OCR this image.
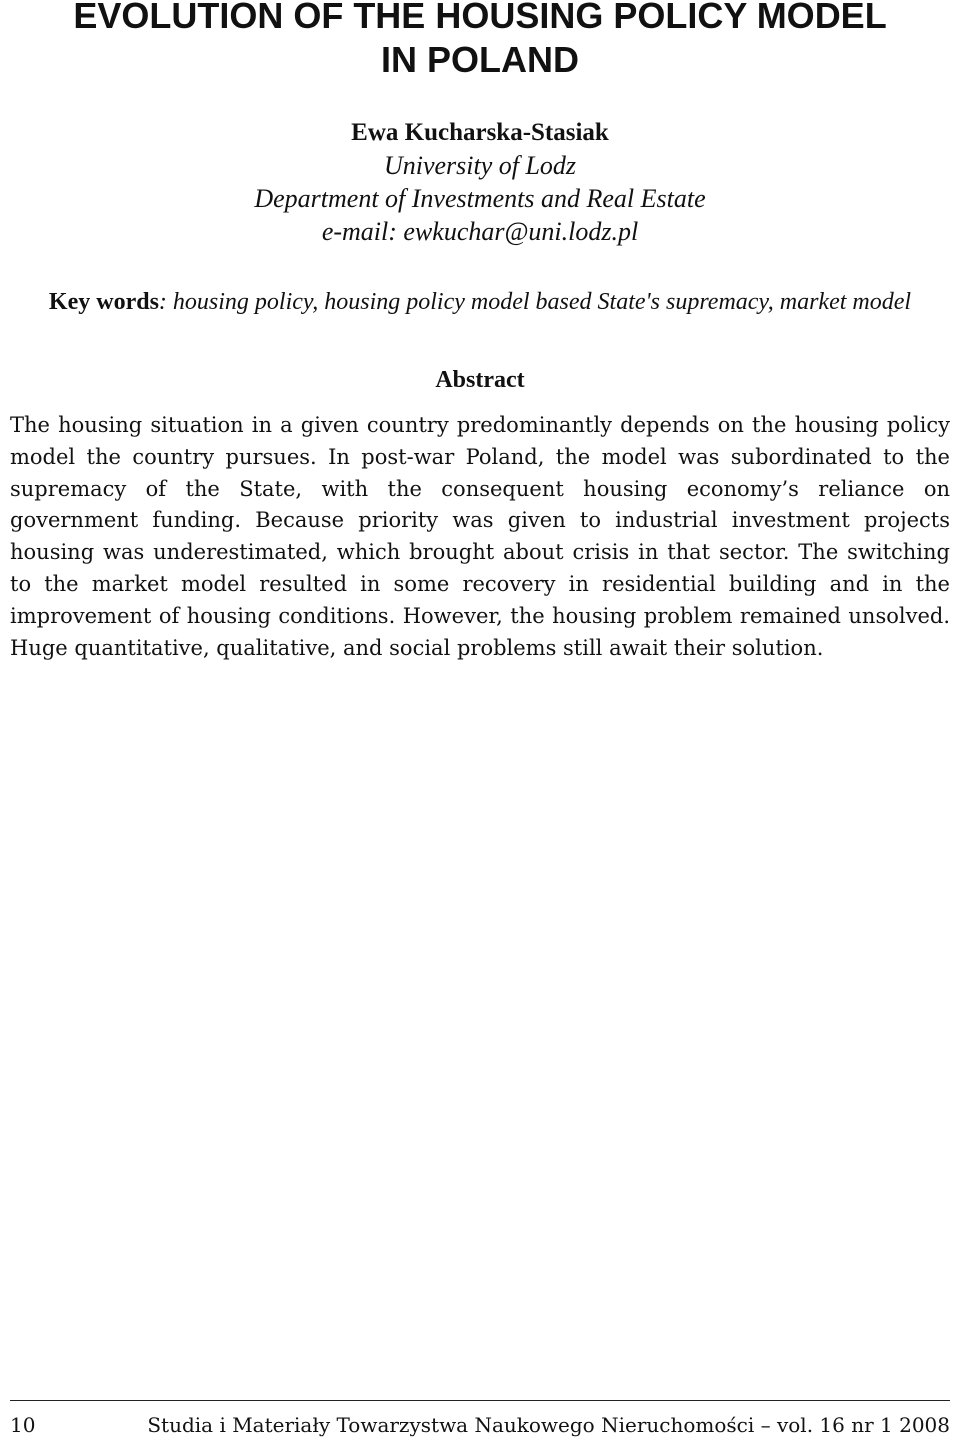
EVOLUTION OF THE HOUSING POLICY MODEL
IN POLAND
Ewa Kucharska-Stasiak
University of Lodz
Department of Investments and Real Estate
e-mail: ewkuchar@uni.lodz.pl
Key words: housing policy, housing policy model based State's supremacy, market model
Abstract

The housing situation in a given country predominantly depends on the housing policy model the country pursues. In post-war Poland, the model was subordinated to the supremacy of the State, with the consequent housing economy’s reliance on government funding. Because priority was given to industrial investment projects housing was underestimated, which brought about crisis in that sector. The switching to the market model resulted in some recovery in residential building and in the improvement of housing conditions. However, the housing problem remained unsolved. Huge quantitative, qualitative, and social problems still await their solution.

10	Studia i Materiały Towarzystwa Naukowego Nieruchomości – vol. 16 nr 1 2008
